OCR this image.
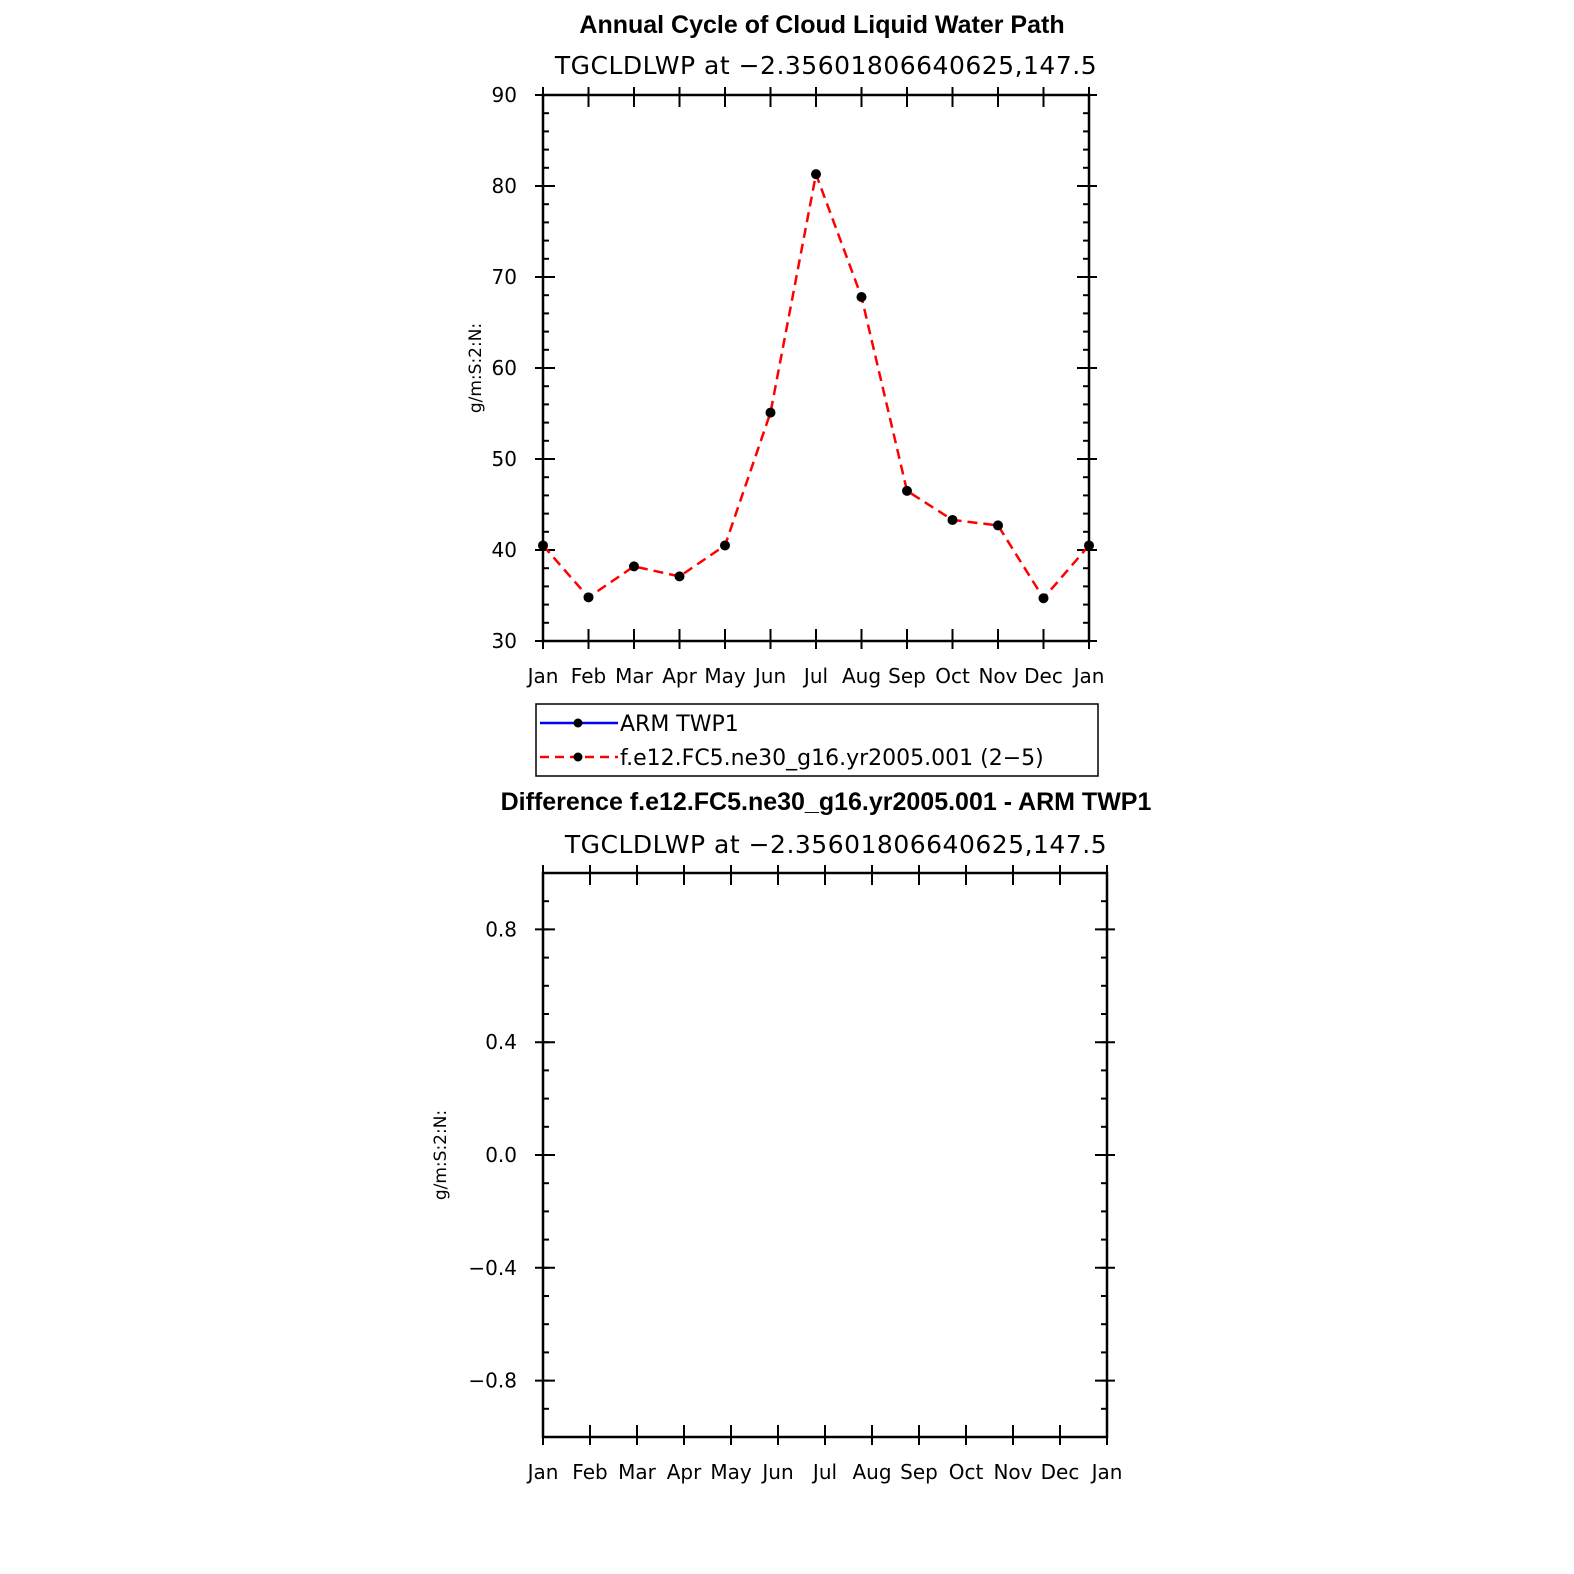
Annual Cycle of Cloud Liquid Water Path
TGCLDLWP at −2.35601806640625,147.5
g/m:S:2:N:
Jan Feb Mar Apr May Jun Jul Aug Sep Oct Nov Dec Jan
30
40
50
60
70
80
90
ARM TWP1
f.e12.FC5.ne30_g16.yr2005.001 (2−5)
Difference f.e12.FC5.ne30_g16.yr2005.001 - ARM TWP1
TGCLDLWP at −2.35601806640625,147.5
g/m:S:2:N:
Jan Feb Mar Apr May Jun Jul Aug Sep Oct Nov Dec Jan
−0.8
−0.4
0.0
0.4
0.8
